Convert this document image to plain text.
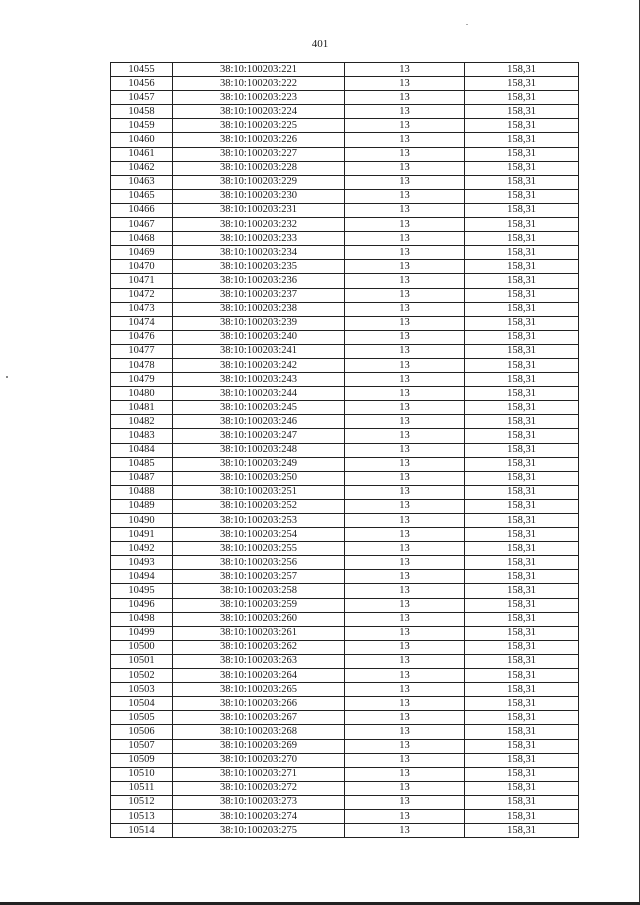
401
10455	38:10:100203:221	13	158,31
10456	38:10:100203:222	13	158,31
10457	38:10:100203:223	13	158,31
10458	38:10:100203:224	13	158,31
10459	38:10:100203:225	13	158,31
10460	38:10:100203:226	13	158,31
10461	38:10:100203:227	13	158,31
10462	38:10:100203:228	13	158,31
10463	38:10:100203:229	13	158,31
10465	38:10:100203:230	13	158,31
10466	38:10:100203:231	13	158,31
10467	38:10:100203:232	13	158,31
10468	38:10:100203:233	13	158,31
10469	38:10:100203:234	13	158,31
10470	38:10:100203:235	13	158,31
10471	38:10:100203:236	13	158,31
10472	38:10:100203:237	13	158,31
10473	38:10:100203:238	13	158,31
10474	38:10:100203:239	13	158,31
10476	38:10:100203:240	13	158,31
10477	38:10:100203:241	13	158,31
10478	38:10:100203:242	13	158,31
10479	38:10:100203:243	13	158,31
10480	38:10:100203:244	13	158,31
10481	38:10:100203:245	13	158,31
10482	38:10:100203:246	13	158,31
10483	38:10:100203:247	13	158,31
10484	38:10:100203:248	13	158,31
10485	38:10:100203:249	13	158,31
10487	38:10:100203:250	13	158,31
10488	38:10:100203:251	13	158,31
10489	38:10:100203:252	13	158,31
10490	38:10:100203:253	13	158,31
10491	38:10:100203:254	13	158,31
10492	38:10:100203:255	13	158,31
10493	38:10:100203:256	13	158,31
10494	38:10:100203:257	13	158,31
10495	38:10:100203:258	13	158,31
10496	38:10:100203:259	13	158,31
10498	38:10:100203:260	13	158,31
10499	38:10:100203:261	13	158,31
10500	38:10:100203:262	13	158,31
10501	38:10:100203:263	13	158,31
10502	38:10:100203:264	13	158,31
10503	38:10:100203:265	13	158,31
10504	38:10:100203:266	13	158,31
10505	38:10:100203:267	13	158,31
10506	38:10:100203:268	13	158,31
10507	38:10:100203:269	13	158,31
10509	38:10:100203:270	13	158,31
10510	38:10:100203:271	13	158,31
10511	38:10:100203:272	13	158,31
10512	38:10:100203:273	13	158,31
10513	38:10:100203:274	13	158,31
10514	38:10:100203:275	13	158,31
